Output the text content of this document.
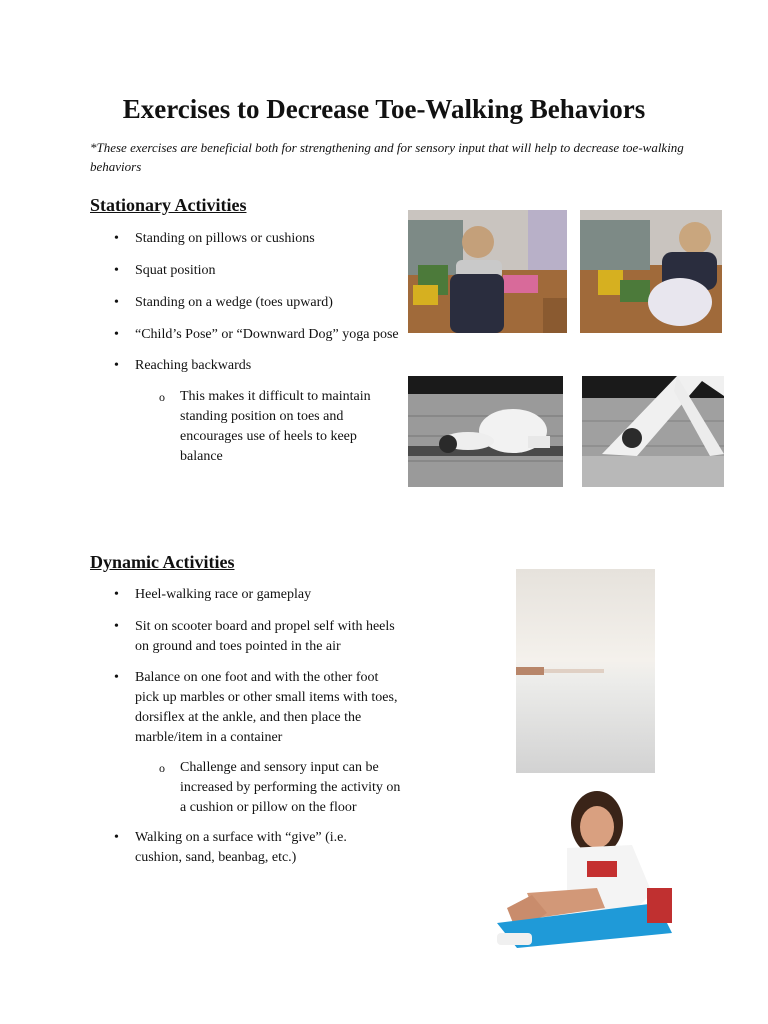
Exercises to Decrease Toe-Walking Behaviors
*These exercises are beneficial both for strengthening and for sensory input that will help to decrease toe-walking behaviors
Stationary Activities
• Standing on pillows or cushions
• Squat position
• Standing on a wedge (toes upward)
• “Child’s Pose” or “Downward Dog” yoga pose
• Reaching backwards
o This makes it difficult to maintain standing position on toes and encourages use of heels to keep balance
Dynamic Activities
• Heel-walking race or gameplay
• Sit on scooter board and propel self with heels on ground and toes pointed in the air
• Balance on one foot and with the other foot pick up marbles or other small items with toes, dorsiflex at the ankle, and then place the marble/item in a container
o Challenge and sensory input can be increased by performing the activity on a cushion or pillow on the floor
• Walking on a surface with “give” (i.e. cushion, sand, beanbag, etc.)
